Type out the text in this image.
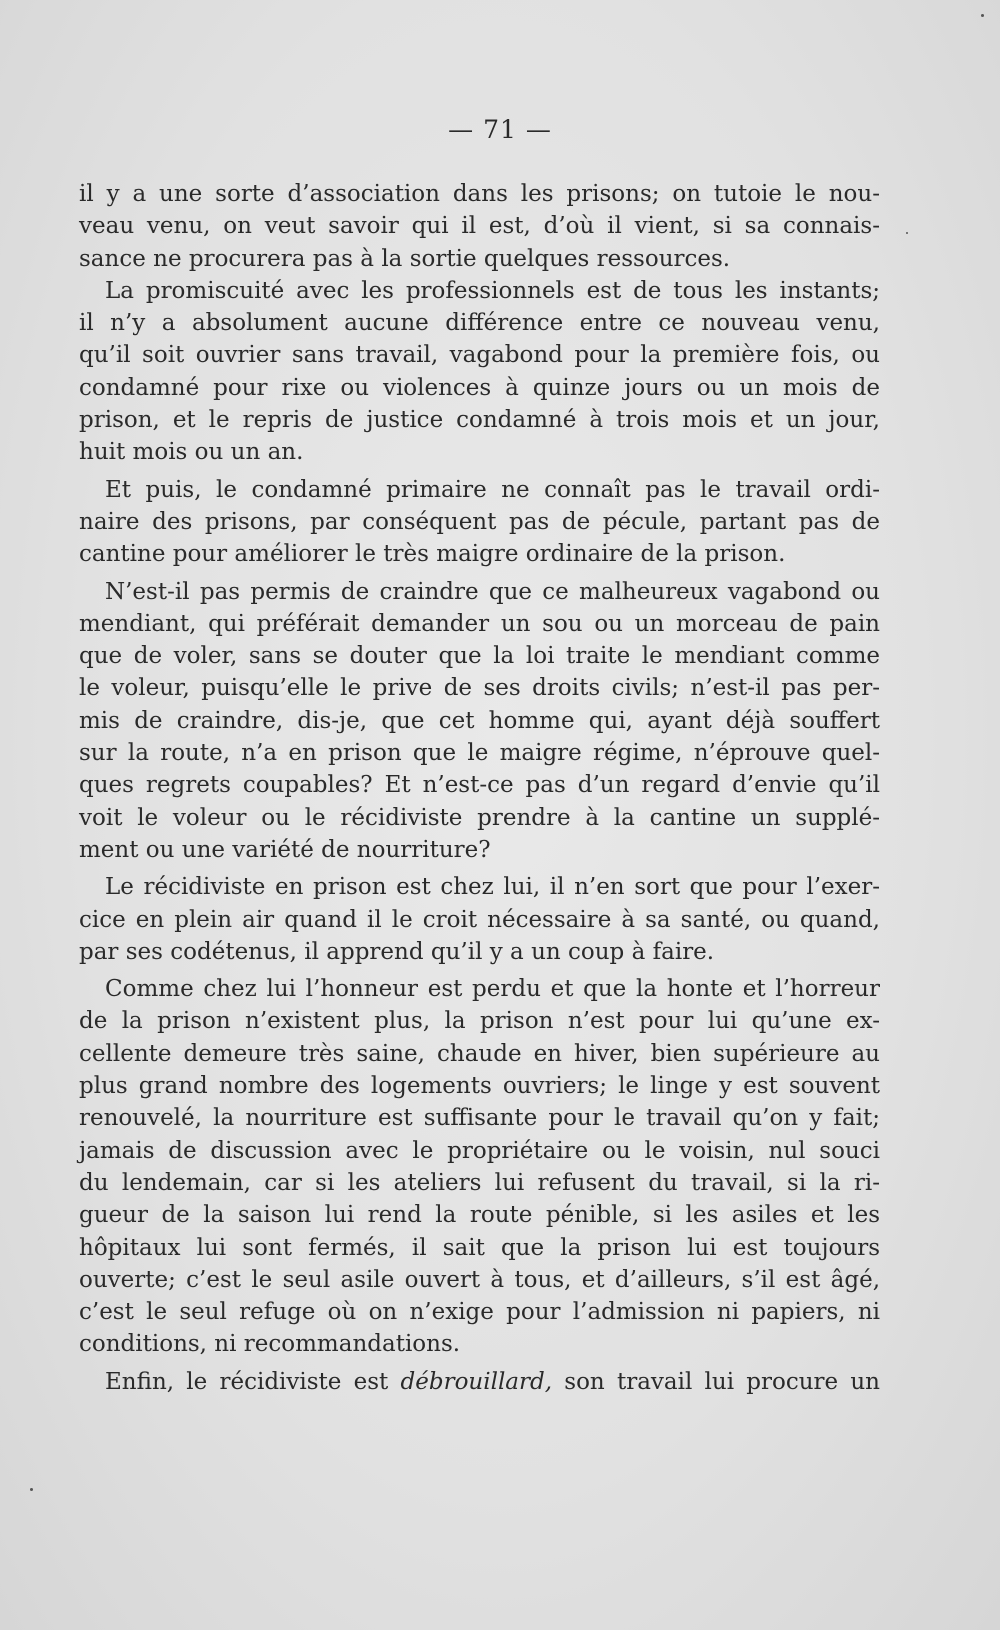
— 71 —
il y a une sorte d’association dans les prisons; on tutoie le nou-
veau venu, on veut savoir qui il est, d’où il vient, si sa connais-
sance ne procurera pas à la sortie quelques ressources.
La promiscuité avec les professionnels est de tous les instants;
il n’y a absolument aucune différence entre ce nouveau venu,
qu’il soit ouvrier sans travail, vagabond pour la première fois, ou
condamné pour rixe ou violences à quinze jours ou un mois de
prison, et le repris de justice condamné à trois mois et un jour,
huit mois ou un an.
Et puis, le condamné primaire ne connaît pas le travail ordi-
naire des prisons, par conséquent pas de pécule, partant pas de
cantine pour améliorer le très maigre ordinaire de la prison.
N’est-il pas permis de craindre que ce malheureux vagabond ou
mendiant, qui préférait demander un sou ou un morceau de pain
que de voler, sans se douter que la loi traite le mendiant comme
le voleur, puisqu’elle le prive de ses droits civils; n’est-il pas per-
mis de craindre, dis-je, que cet homme qui, ayant déjà souffert
sur la route, n’a en prison que le maigre régime, n’éprouve quel-
ques regrets coupables? Et n’est-ce pas d’un regard d’envie qu’il
voit le voleur ou le récidiviste prendre à la cantine un supplé-
ment ou une variété de nourriture?
Le récidiviste en prison est chez lui, il n’en sort que pour l’exer-
cice en plein air quand il le croit nécessaire à sa santé, ou quand,
par ses codétenus, il apprend qu’il y a un coup à faire.
Comme chez lui l’honneur est perdu et que la honte et l’horreur
de la prison n’existent plus, la prison n’est pour lui qu’une ex-
cellente demeure très saine, chaude en hiver, bien supérieure au
plus grand nombre des logements ouvriers; le linge y est souvent
renouvelé, la nourriture est suffisante pour le travail qu’on y fait;
jamais de discussion avec le propriétaire ou le voisin, nul souci
du lendemain, car si les ateliers lui refusent du travail, si la ri-
gueur de la saison lui rend la route pénible, si les asiles et les
hôpitaux lui sont fermés, il sait que la prison lui est toujours
ouverte; c’est le seul asile ouvert à tous, et d’ailleurs, s’il est âgé,
c’est le seul refuge où on n’exige pour l’admission ni papiers, ni
conditions, ni recommandations.
Enfin, le récidiviste est débrouillard, son travail lui procure un
